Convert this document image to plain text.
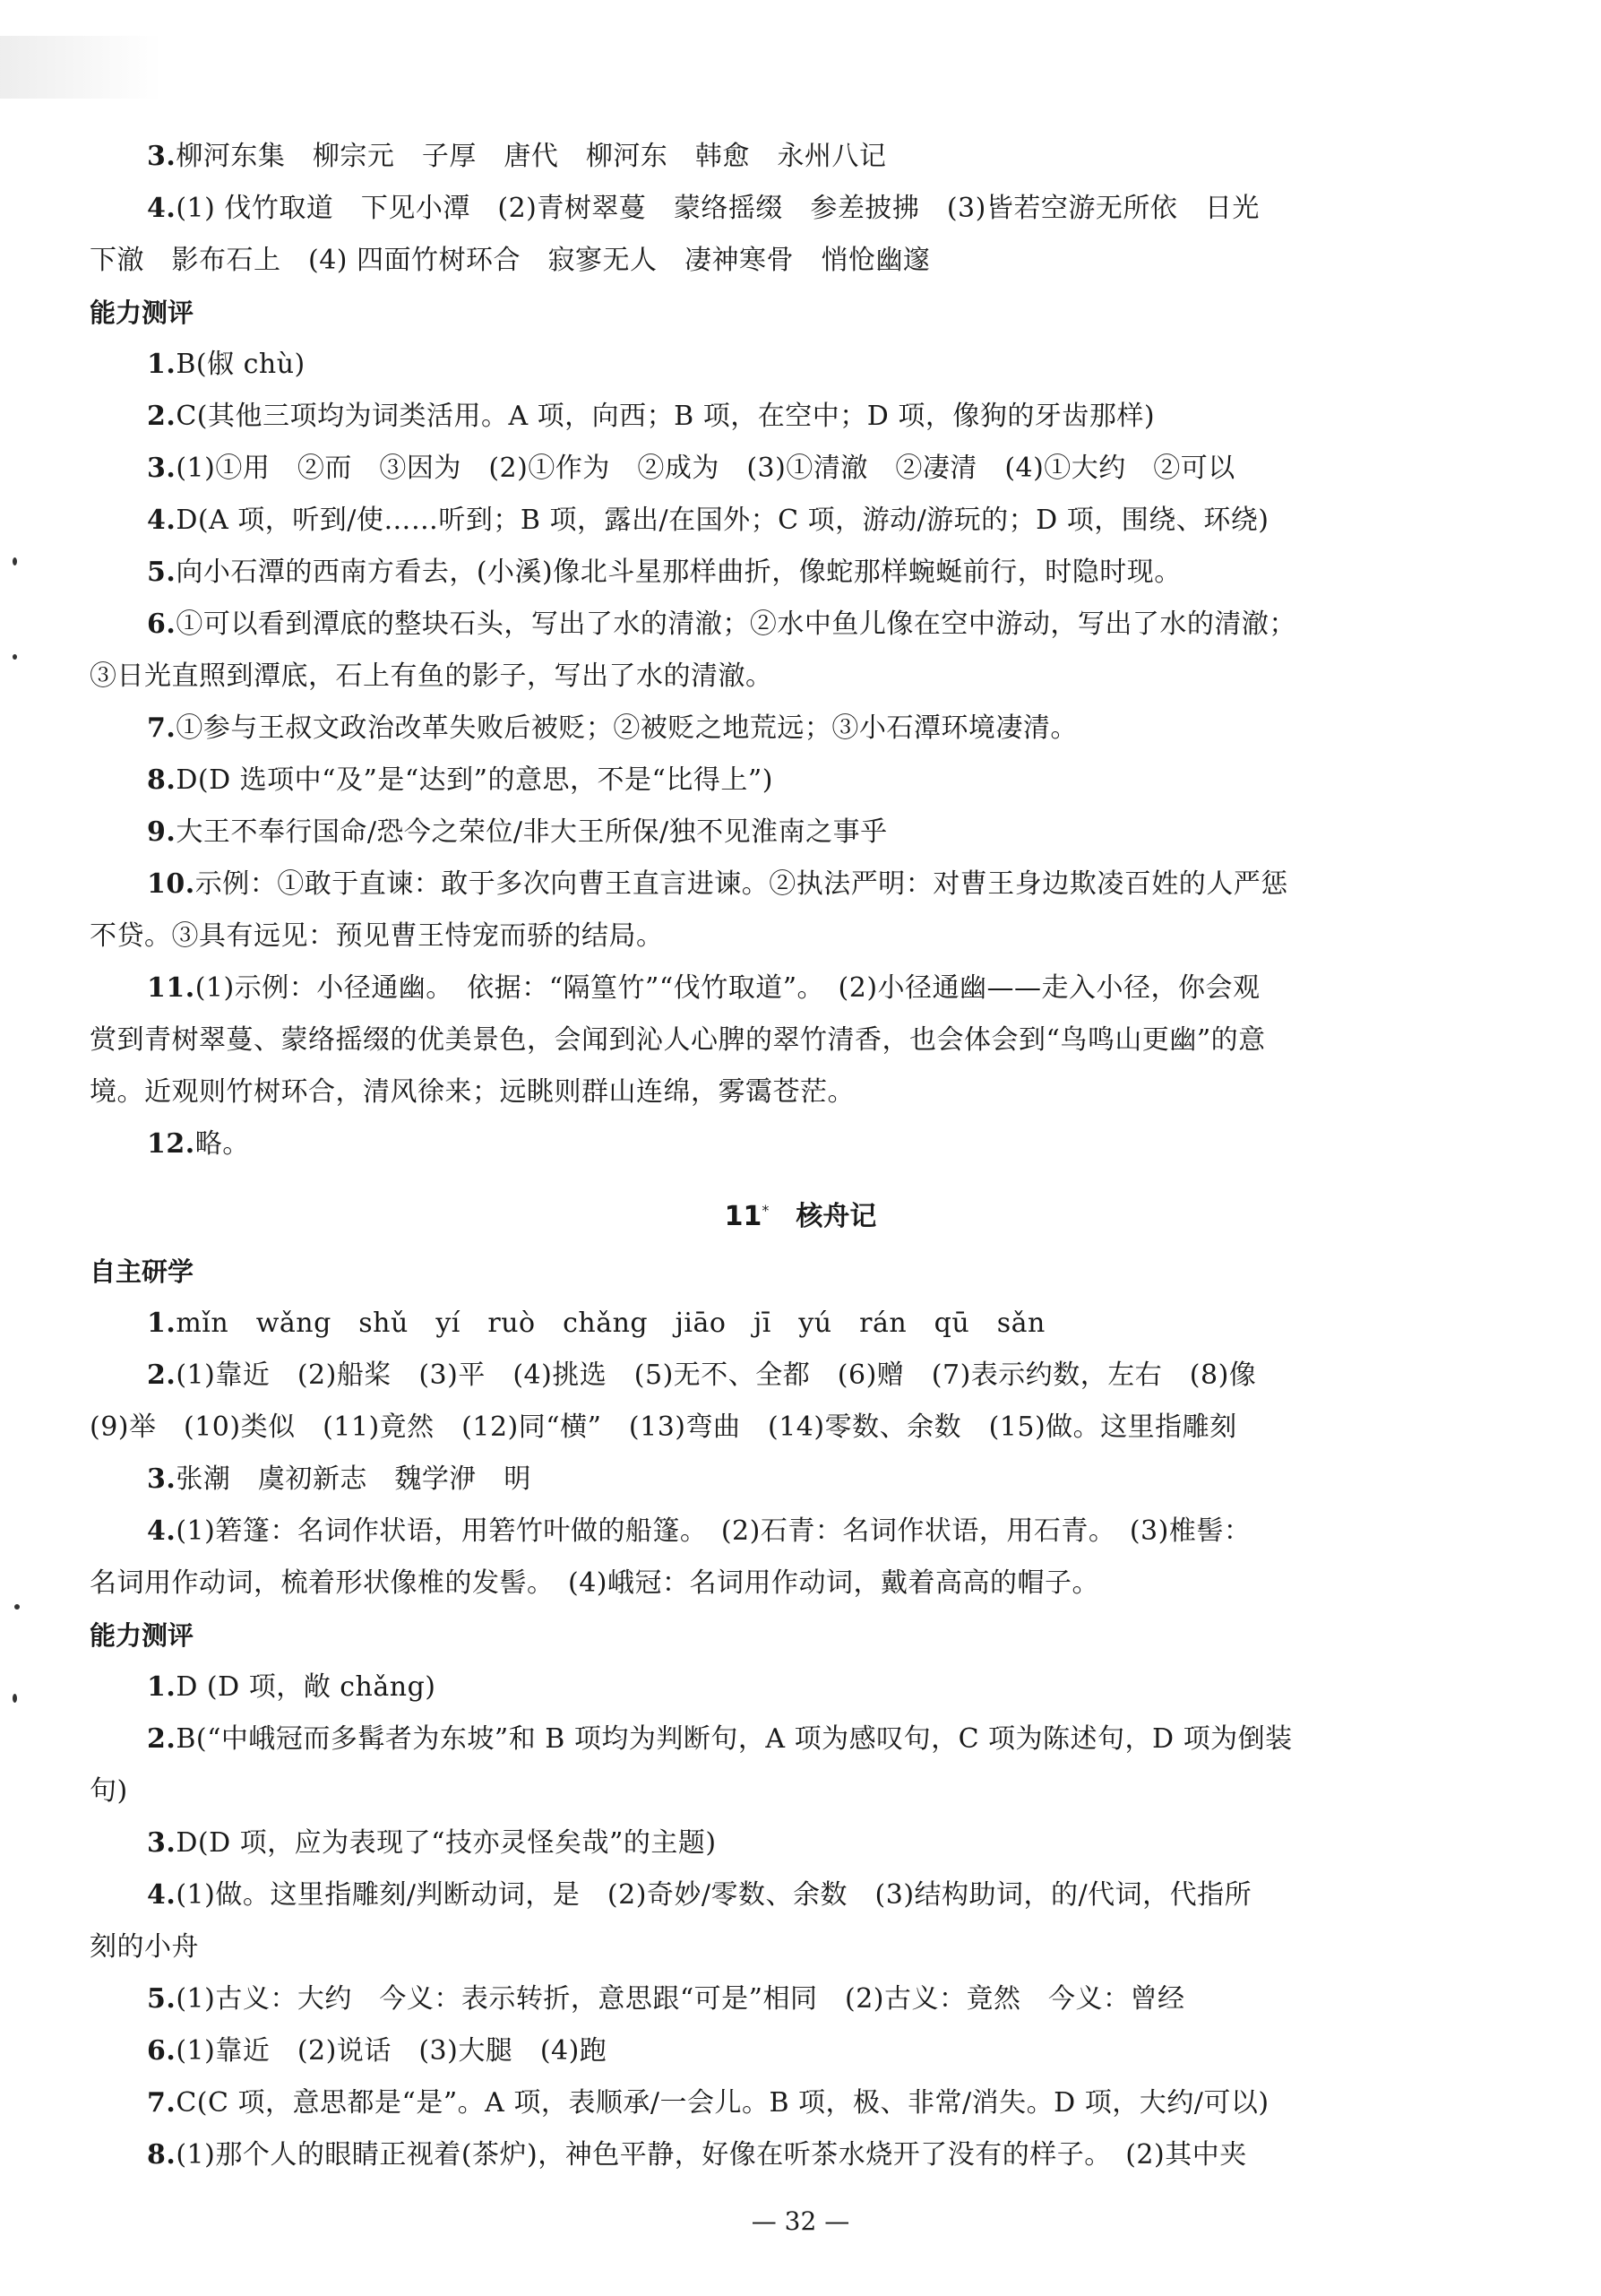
3.柳河东集　柳宗元　子厚　唐代　柳河东　韩愈　永州八记
4.(1) 伐竹取道　下见小潭　(2)青树翠蔓　蒙络摇缀　参差披拂　(3)皆若空游无所依　日光
下澈　影布石上　(4) 四面竹树环合　寂寥无人　凄神寒骨　悄怆幽邃
能力测评
1.B(俶 chù)
2.C(其他三项均为词类活用。A 项，向西；B 项，在空中；D 项，像狗的牙齿那样)
3.(1)①用　②而　③因为　(2)①作为　②成为　(3)①清澈　②凄清　(4)①大约　②可以
4.D(A 项，听到/使……听到；B 项，露出/在国外；C 项，游动/游玩的；D 项，围绕、环绕)
5.向小石潭的西南方看去，(小溪)像北斗星那样曲折，像蛇那样蜿蜒前行，时隐时现。
6.①可以看到潭底的整块石头，写出了水的清澈；②水中鱼儿像在空中游动，写出了水的清澈；
③日光直照到潭底，石上有鱼的影子，写出了水的清澈。
7.①参与王叔文政治改革失败后被贬；②被贬之地荒远；③小石潭环境凄清。
8.D(D 选项中“及”是“达到”的意思，不是“比得上”)
9.大王不奉行国命/恐今之荣位/非大王所保/独不见淮南之事乎
10.示例：①敢于直谏：敢于多次向曹王直言进谏。②执法严明：对曹王身边欺凌百姓的人严惩
不贷。③具有远见：预见曹王恃宠而骄的结局。
11.(1)示例：小径通幽。　依据：“隔篁竹”“伐竹取道”。　(2)小径通幽——走入小径，你会观
赏到青树翠蔓、蒙络摇缀的优美景色，会闻到沁人心脾的翠竹清香，也会体会到“鸟鸣山更幽”的意
境。近观则竹树环合，清风徐来；远眺则群山连绵，雾霭苍茫。
12.略。
11* 核舟记
自主研学
1.mǐn　wǎng　shǔ　yí　ruò　chǎng　jiāo　jī　yú　rán　qū　sǎn
2.(1)靠近　(2)船桨　(3)平　(4)挑选　(5)无不、全都　(6)赠　(7)表示约数，左右　(8)像
(9)举　(10)类似　(11)竟然　(12)同“横”　(13)弯曲　(14)零数、余数　(15)做。这里指雕刻
3.张潮　虞初新志　魏学洢　明
4.(1)箬篷：名词作状语，用箬竹叶做的船篷。　(2)石青：名词作状语，用石青。　(3)椎髻：
名词用作动词，梳着形状像椎的发髻。　(4)峨冠：名词用作动词，戴着高高的帽子。
能力测评
1.D (D 项，敞 chǎng)
2.B(“中峨冠而多髯者为东坡”和 B 项均为判断句，A 项为感叹句，C 项为陈述句，D 项为倒装
句)
3.D(D 项，应为表现了“技亦灵怪矣哉”的主题)
4.(1)做。这里指雕刻/判断动词，是　(2)奇妙/零数、余数　(3)结构助词，的/代词，代指所
刻的小舟
5.(1)古义：大约　今义：表示转折，意思跟“可是”相同　(2)古义：竟然　今义：曾经
6.(1)靠近　(2)说话　(3)大腿　(4)跑
7.C(C 项，意思都是“是”。A 项，表顺承/一会儿。B 项，极、非常/消失。D 项，大约/可以)
8.(1)那个人的眼睛正视着(茶炉)，神色平静，好像在听茶水烧开了没有的样子。　(2)其中夹
— 32 —
